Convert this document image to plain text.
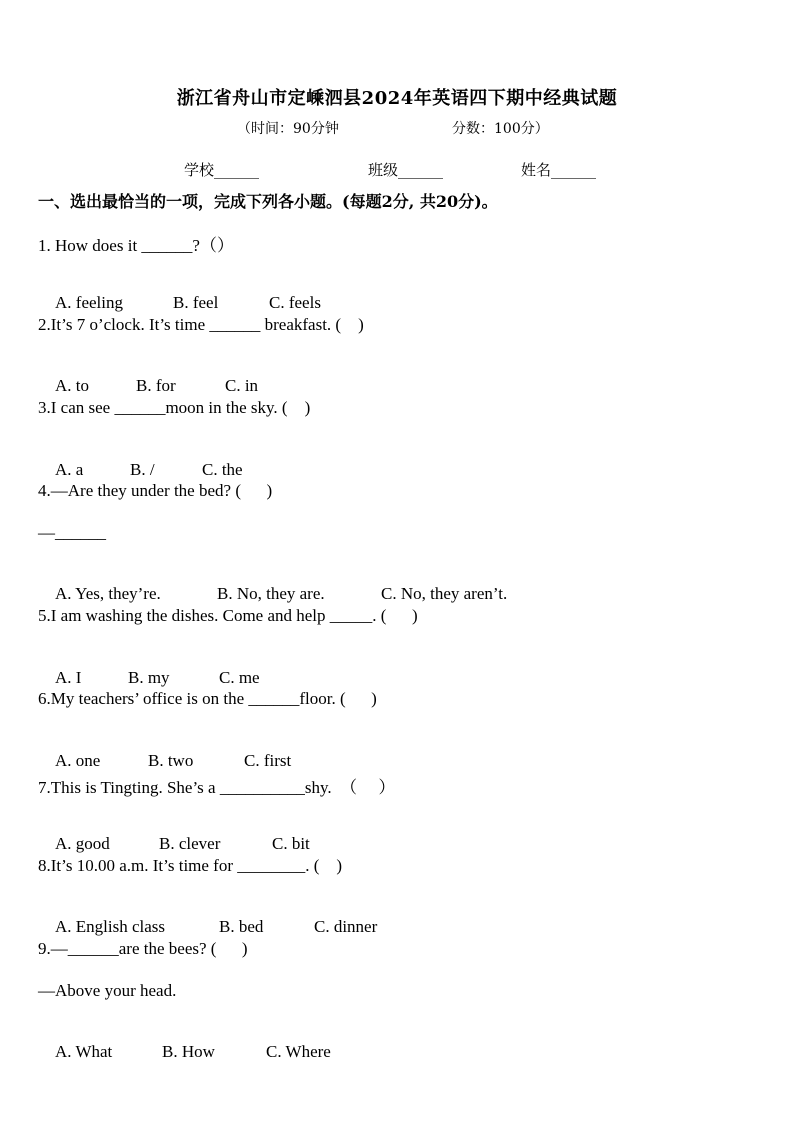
浙江省舟山市定嵊泗县2024年英语四下期中经典试题
（时间：90分钟	分数：100分）
学校______	班级______	姓名______
一、选出最恰当的一项，完成下列各小题。(每题2分, 共20分)。
1. How does it ______?（）

A. feeling	B. feel	C. feels

2.It’s 7 o’clock. It’s time ______ breakfast. (    )

A. to	B. for	C. in

3.I can see ______moon in the sky. (    )

A. a	B. /	C. the

4.—Are they under the bed? (      )
—______

A. Yes, they’re.	B. No, they are.	C. No, they aren’t.

5.I am washing the dishes. Come and help _____. (      )

A. I	B. my	C. me

6.My teachers’ office is on the ______floor. (      )

A. one	B. two	C. first

7.This is Tingting. She’s a __________shy.  （     ）

A. good	B. clever	C. bit

8.It’s 10.00 a.m. It’s time for ________. (    )

A. English class	B. bed	C. dinner

9.—______are the bees? (      )
—Above your head.

A. What	B. How	C. Where
